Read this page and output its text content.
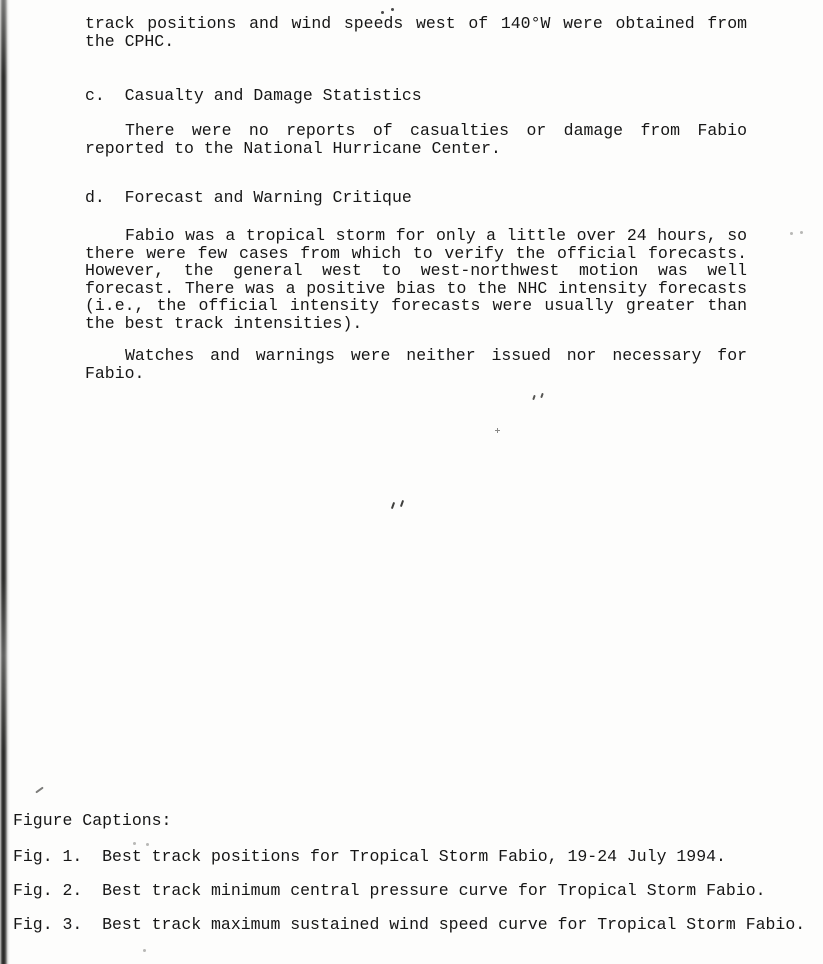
track positions and wind speeds west of 140°W were obtained from
the CPHC.
c.  Casualty and Damage Statistics
There were no reports of casualties or damage from Fabio
reported to the National Hurricane Center.
d.  Forecast and Warning Critique
Fabio was a tropical storm for only a little over 24 hours, so
there were few cases from which to verify the official forecasts.
However, the general west to west-northwest motion was well
forecast. There was a positive bias to the NHC intensity forecasts
(i.e., the official intensity forecasts were usually greater than
the best track intensities).
Watches and warnings were neither issued nor necessary for
Fabio.
Figure Captions:
Fig. 1.  Best track positions for Tropical Storm Fabio, 19-24 July 1994.
Fig. 2.  Best track minimum central pressure curve for Tropical Storm Fabio.
Fig. 3.  Best track maximum sustained wind speed curve for Tropical Storm Fabio.
